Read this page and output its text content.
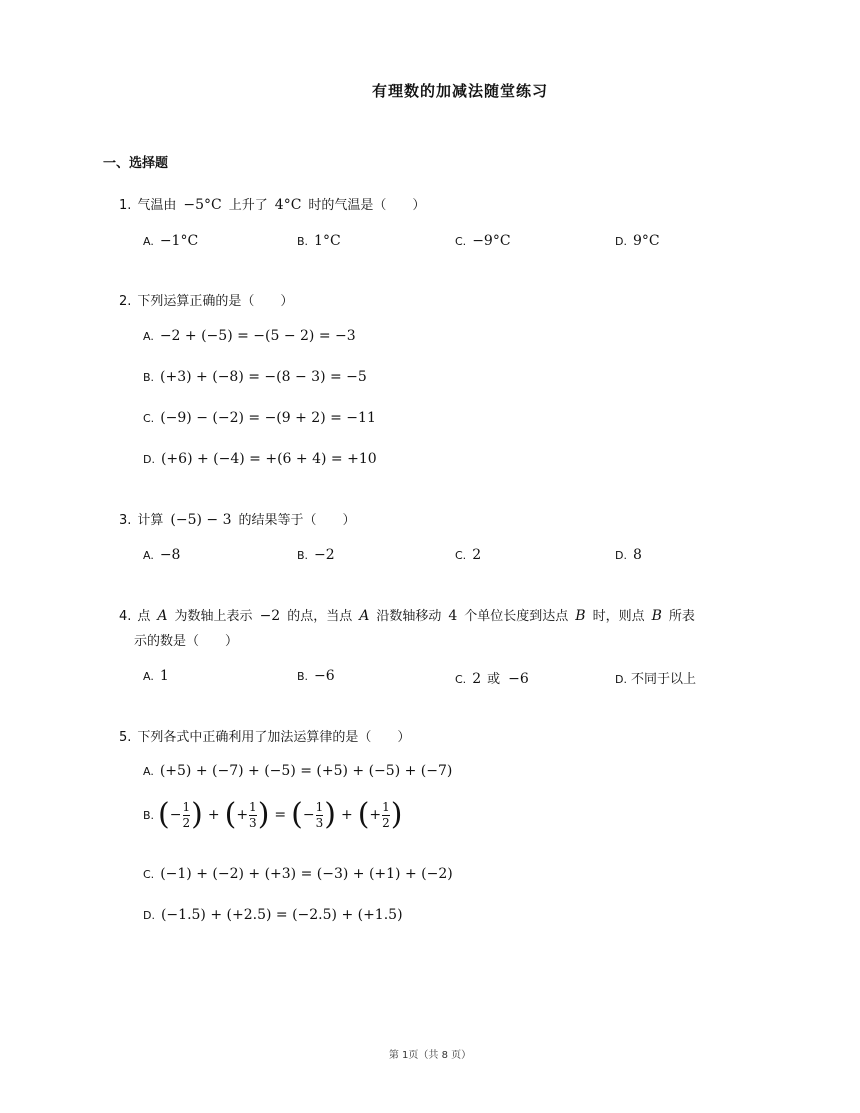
有理数的加减法随堂练习
一、选择题
1. 气温由 −5°C 上升了 4°C 时的气温是（　　）
A. −1°C	B. 1°C	C. −9°C	D. 9°C
2. 下列运算正确的是（　　）
A. −2 + (−5) = −(5 − 2) = −3
B. (+3) + (−8) = −(8 − 3) = −5
C. (−9) − (−2) = −(9 + 2) = −11
D. (+6) + (−4) = +(6 + 4) = +10
3. 计算 (−5) − 3 的结果等于（　　）
A. −8	B. −2	C. 2	D. 8
4. 点 A 为数轴上表示 −2 的点，当点 A 沿数轴移动 4 个单位长度到达点 B 时，则点 B 所表
示的数是（　　）
A. 1	B. −6	C. 2 或 −6	D. 不同于以上
5. 下列各式中正确利用了加法运算律的是（　　）
A. (+5) + (−7) + (−5) = (+5) + (−5) + (−7)
B. ( − $\frac{1}{2}$ ) + ( + $\frac{1}{3}$ ) = ( − $\frac{1}{3}$ ) + ( + $\frac{1}{2}$ )
C. (−1) + (−2) + (+3) = (−3) + (+1) + (−2)
D. (−1.5) + (+2.5) = (−2.5) + (+1.5)
第 1页（共 8 页）
